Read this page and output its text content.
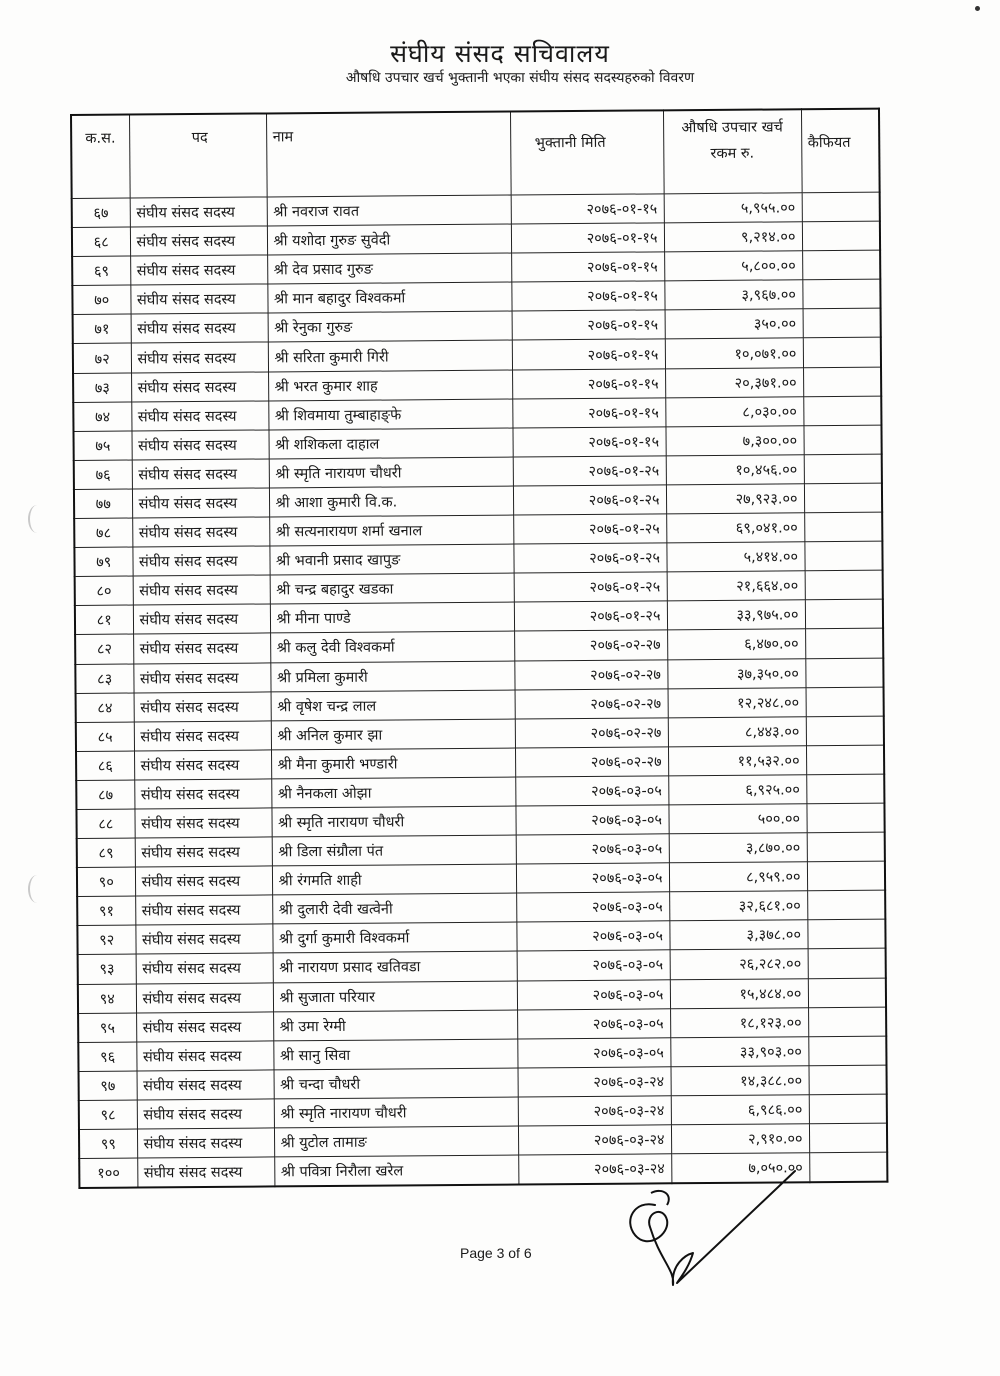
संघीय संसद सचिवालय
औषधि उपचार खर्च भुक्तानी भएका संघीय संसद सदस्यहरुको विवरण
क.स.	पद	नाम	भुक्तानी मिति	औषधि उपचार खर्च रकम रु.	कैफियत
६७	संघीय संसद सदस्य	श्री नवराज रावत	२०७६-०१-१५	५,९५५.००	
६८	संघीय संसद सदस्य	श्री यशोदा गुरुङ सुवेदी	२०७६-०१-१५	९,२१४.००	
६९	संघीय संसद सदस्य	श्री देव प्रसाद गुरुङ	२०७६-०१-१५	५,८००.००	
७०	संघीय संसद सदस्य	श्री मान बहादुर विश्वकर्मा	२०७६-०१-१५	३,९६७.००	
७१	संघीय संसद सदस्य	श्री रेनुका गुरुङ	२०७६-०१-१५	३५०.००	
७२	संघीय संसद सदस्य	श्री सरिता कुमारी गिरी	२०७६-०१-१५	१०,०७१.००	
७३	संघीय संसद सदस्य	श्री भरत कुमार शाह	२०७६-०१-१५	२०,३७१.००	
७४	संघीय संसद सदस्य	श्री शिवमाया तुम्बाहाङ्फे	२०७६-०१-१५	८,०३०.००	
७५	संघीय संसद सदस्य	श्री शशिकला दाहाल	२०७६-०१-१५	७,३००.००	
७६	संघीय संसद सदस्य	श्री स्मृति नारायण चौधरी	२०७६-०१-२५	१०,४५६.००	
७७	संघीय संसद सदस्य	श्री आशा कुमारी वि.क.	२०७६-०१-२५	२७,९२३.००	
७८	संघीय संसद सदस्य	श्री सत्यनारायण शर्मा खनाल	२०७६-०१-२५	६९,०४१.००	
७९	संघीय संसद सदस्य	श्री भवानी प्रसाद खापुङ	२०७६-०१-२५	५,४१४.००	
८०	संघीय संसद सदस्य	श्री चन्द्र बहादुर खडका	२०७६-०१-२५	२१,६६४.००	
८१	संघीय संसद सदस्य	श्री मीना पाण्डे	२०७६-०१-२५	३३,९७५.००	
८२	संघीय संसद सदस्य	श्री कलु देवी विश्वकर्मा	२०७६-०२-२७	६,४७०.००	
८३	संघीय संसद सदस्य	श्री प्रमिला कुमारी	२०७६-०२-२७	३७,३५०.००	
८४	संघीय संसद सदस्य	श्री वृषेश चन्द्र लाल	२०७६-०२-२७	१२,२४८.००	
८५	संघीय संसद सदस्य	श्री अनिल कुमार झा	२०७६-०२-२७	८,४४३.००	
८६	संघीय संसद सदस्य	श्री मैना कुमारी भण्डारी	२०७६-०२-२७	११,५३२.००	
८७	संघीय संसद सदस्य	श्री नैनकला ओझा	२०७६-०३-०५	६,९२५.००	
८८	संघीय संसद सदस्य	श्री स्मृति नारायण चौधरी	२०७६-०३-०५	५००.००	
८९	संघीय संसद सदस्य	श्री डिला संग्रौला पंत	२०७६-०३-०५	३,८७०.००	
९०	संघीय संसद सदस्य	श्री रंगमति शाही	२०७६-०३-०५	८,९५९.००	
९१	संघीय संसद सदस्य	श्री दुलारी देवी खत्वेनी	२०७६-०३-०५	३२,६८१.००	
९२	संघीय संसद सदस्य	श्री दुर्गा कुमारी विश्वकर्मा	२०७६-०३-०५	३,३७८.००	
९३	संघीय संसद सदस्य	श्री नारायण प्रसाद खतिवडा	२०७६-०३-०५	२६,२८२.००	
९४	संघीय संसद सदस्य	श्री सुजाता परियार	२०७६-०३-०५	१५,४८४.००	
९५	संघीय संसद सदस्य	श्री उमा रेग्मी	२०७६-०३-०५	१८,१२३.००	
९६	संघीय संसद सदस्य	श्री सानु सिवा	२०७६-०३-०५	३३,९०३.००	
९७	संघीय संसद सदस्य	श्री चन्दा चौधरी	२०७६-०३-२४	१४,३८८.००	
९८	संघीय संसद सदस्य	श्री स्मृति नारायण चौधरी	२०७६-०३-२४	६,९८६.००	
९९	संघीय संसद सदस्य	श्री युटोल तामाङ	२०७६-०३-२४	२,९१०.००	
१००	संघीय संसद सदस्य	श्री पवित्रा निरौला खरेल	२०७६-०३-२४	७,०५०.००	
Page 3 of 6
